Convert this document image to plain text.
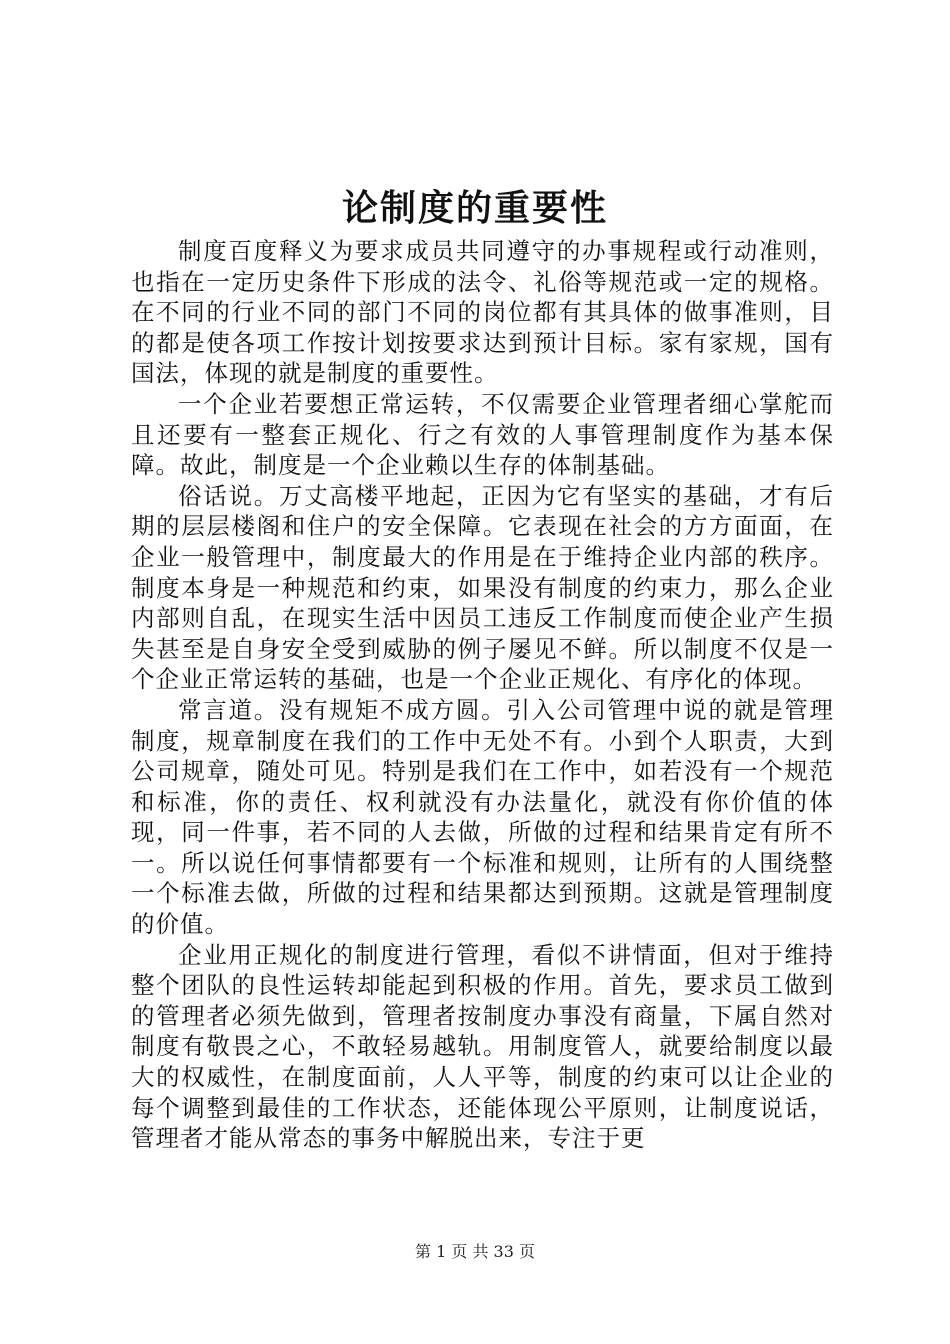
论制度的重要性

制度百度释义为要求成员共同遵守的办事规程或行动准则，也指在一定历史条件下形成的法令、礼俗等规范或一定的规格。在不同的行业不同的部门不同的岗位都有其具体的做事准则，目的都是使各项工作按计划按要求达到预计目标。家有家规，国有国法，体现的就是制度的重要性。

一个企业若要想正常运转，不仅需要企业管理者细心掌舵而且还要有一整套正规化、行之有效的人事管理制度作为基本保障。故此，制度是一个企业赖以生存的体制基础。

俗话说。万丈高楼平地起，正因为它有坚实的基础，才有后期的层层楼阁和住户的安全保障。它表现在社会的方方面面，在企业一般管理中，制度最大的作用是在于维持企业内部的秩序。制度本身是一种规范和约束，如果没有制度的约束力，那么企业内部则自乱，在现实生活中因员工违反工作制度而使企业产生损失甚至是自身安全受到威胁的例子屡见不鲜。所以制度不仅是一个企业正常运转的基础，也是一个企业正规化、有序化的体现。

常言道。没有规矩不成方圆。引入公司管理中说的就是管理制度，规章制度在我们的工作中无处不有。小到个人职责，大到公司规章，随处可见。特别是我们在工作中，如若没有一个规范和标准，你的责任、权利就没有办法量化，就没有你价值的体现，同一件事，若不同的人去做，所做的过程和结果肯定有所不一。所以说任何事情都要有一个标准和规则，让所有的人围绕整一个标准去做，所做的过程和结果都达到预期。这就是管理制度的价值。

企业用正规化的制度进行管理，看似不讲情面，但对于维持整个团队的良性运转却能起到积极的作用。首先，要求员工做到的管理者必须先做到，管理者按制度办事没有商量，下属自然对制度有敬畏之心，不敢轻易越轨。用制度管人，就要给制度以最大的权威性，在制度面前，人人平等，制度的约束可以让企业的每个调整到最佳的工作状态，还能体现公平原则，让制度说话，管理者才能从常态的事务中解脱出来，专注于更

第 1 页 共 33 页
